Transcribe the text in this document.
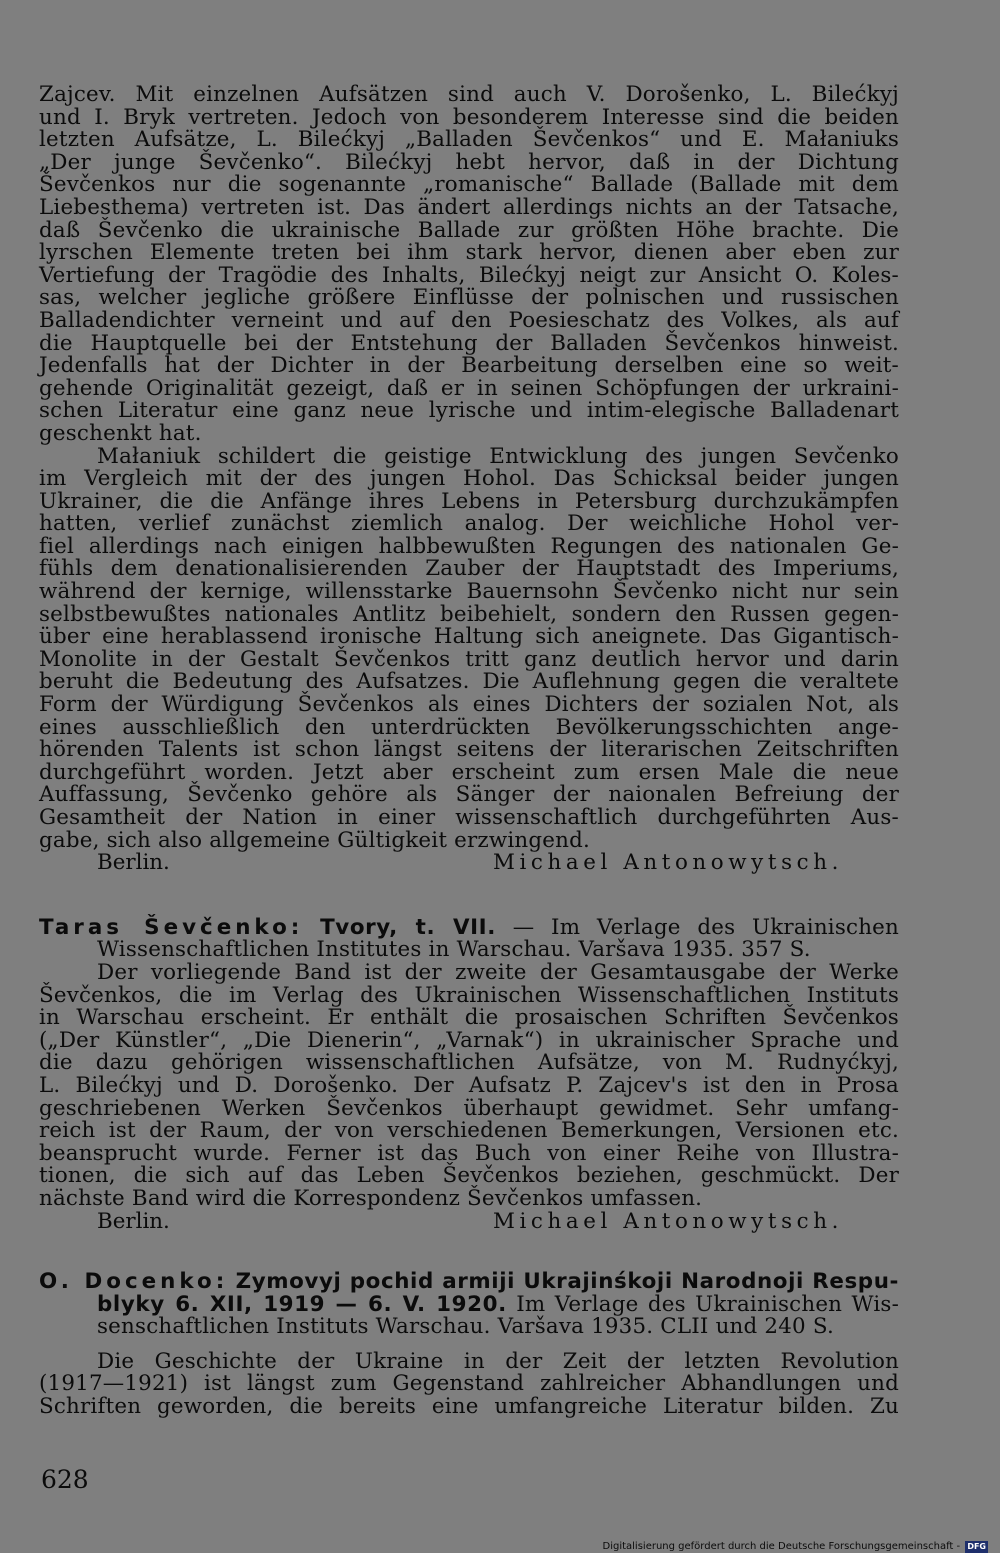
Zajcev. Mit einzelnen Aufsätzen sind auch V. Dorošenko, L. Bilećkyj
und I. Bryk vertreten. Jedoch von besonderem Interesse sind die beiden
letzten Aufsätze, L. Bilećkyj „Balladen Ševčenkos“ und E. Małaniuks
„Der junge Ševčenko“. Bilećkyj hebt hervor, daß in der Dichtung
Ševčenkos nur die sogenannte „romanische“ Ballade (Ballade mit dem
Liebesthema) vertreten ist. Das ändert allerdings nichts an der Tatsache,
daß Ševčenko die ukrainische Ballade zur größten Höhe brachte. Die
lyrschen Elemente treten bei ihm stark hervor, dienen aber eben zur
Vertiefung der Tragödie des Inhalts, Bilećkyj neigt zur Ansicht O. Koles-
sas, welcher jegliche größere Einflüsse der polnischen und russischen
Balladendichter verneint und auf den Poesieschatz des Volkes, als auf
die Hauptquelle bei der Entstehung der Balladen Ševčenkos hinweist.
Jedenfalls hat der Dichter in der Bearbeitung derselben eine so weit-
gehende Originalität gezeigt, daß er in seinen Schöpfungen der urkraini-
schen Literatur eine ganz neue lyrische und intim-elegische Balladenart
geschenkt hat.
Małaniuk schildert die geistige Entwicklung des jungen Sevčenko
im Vergleich mit der des jungen Hohol. Das Schicksal beider jungen
Ukrainer, die die Anfänge ihres Lebens in Petersburg durchzukämpfen
hatten, verlief zunächst ziemlich analog. Der weichliche Hohol ver-
fiel allerdings nach einigen halbbewußten Regungen des nationalen Ge-
fühls dem denationalisierenden Zauber der Hauptstadt des Imperiums,
während der kernige, willensstarke Bauernsohn Ševčenko nicht nur sein
selbstbewußtes nationales Antlitz beibehielt, sondern den Russen gegen-
über eine herablassend ironische Haltung sich aneignete. Das Gigantisch-
Monolite in der Gestalt Ševčenkos tritt ganz deutlich hervor und darin
beruht die Bedeutung des Aufsatzes. Die Auflehnung gegen die veraltete
Form der Würdigung Ševčenkos als eines Dichters der sozialen Not, als
eines ausschließlich den unterdrückten Bevölkerungsschichten ange-
hörenden Talents ist schon längst seitens der literarischen Zeitschriften
durchgeführt worden. Jetzt aber erscheint zum ersen Male die neue
Auffassung, Ševčenko gehöre als Sänger der naionalen Befreiung der
Gesamtheit der Nation in einer wissenschaftlich durchgeführten Aus-
gabe, sich also allgemeine Gültigkeit erzwingend.
Berlin.	Michael Antonowytsch.
Taras Ševčenko: Tvory, t. VII. — Im Verlage des Ukrainischen
Wissenschaftlichen Institutes in Warschau. Varšava 1935. 357 S.
Der vorliegende Band ist der zweite der Gesamtausgabe der Werke
Ševčenkos, die im Verlag des Ukrainischen Wissenschaftlichen Instituts
in Warschau erscheint. Er enthält die prosaischen Schriften Ševčenkos
(„Der Künstler“, „Die Dienerin“, „Varnak“) in ukrainischer Sprache und
die dazu gehörigen wissenschaftlichen Aufsätze, von M. Rudnyćkyj,
L. Bilećkyj und D. Dorošenko. Der Aufsatz P. Zajcev's ist den in Prosa
geschriebenen Werken Ševčenkos überhaupt gewidmet. Sehr umfang-
reich ist der Raum, der von verschiedenen Bemerkungen, Versionen etc.
beansprucht wurde. Ferner ist das Buch von einer Reihe von Illustra-
tionen, die sich auf das Leben Ševčenkos beziehen, geschmückt. Der
nächste Band wird die Korrespondenz Ševčenkos umfassen.
Berlin.	Michael Antonowytsch.
O. Docenko: Zymovyj pochid armiji Ukrajinśkoji Narodnoji Respu-
blyky 6. XII, 1919 — 6. V. 1920. Im Verlage des Ukrainischen Wis-
senschaftlichen Instituts Warschau. Varšava 1935. CLII und 240 S.
Die Geschichte der Ukraine in der Zeit der letzten Revolution
(1917—1921) ist längst zum Gegenstand zahlreicher Abhandlungen und
Schriften geworden, die bereits eine umfangreiche Literatur bilden. Zu
628
Digitalisierung gefördert durch die Deutsche Forschungsgemeinschaft - DFG
